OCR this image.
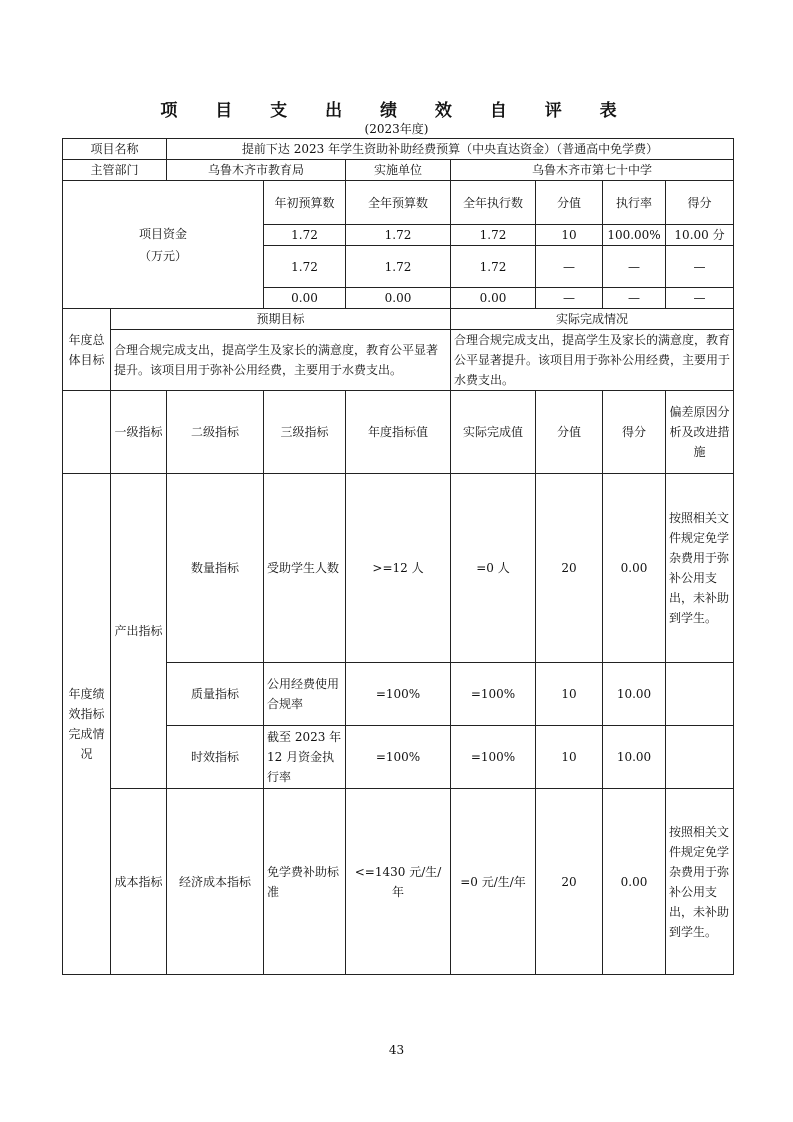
项 目 支 出 绩 效 自 评 表
(2023年度)
项目名称		提前下达 2023 年学生资助补助经费预算（中央直达资金）（普通高中免学费）						
主管部门		乌鲁木齐市教育局		实施单位	乌鲁木齐市第七十中学			
项目资金
（万元）			年初预算数	全年预算数	全年执行数	分值	执行率	得分
			1.72	1.72	1.72	10	100.00%	10.00 分
			1.72	1.72	1.72	—	—	—
			0.00	0.00	0.00	—	—	—
年度总体目标	预期目标				实际完成情况			
	合理合规完成支出，提高学生及家长的满意度，教育公平显著提升。该项目用于弥补公用经费，主要用于水费支出。				合理合规完成支出，提高学生及家长的满意度，教育公平显著提升。该项目用于弥补公用经费，主要用于水费支出。			
	一级指标	二级指标	三级指标	年度指标值	实际完成值	分值	得分	偏差原因分析及改进措施
年度绩效指标完成情况	产出指标	数量指标	受助学生人数	>=12 人	=0 人	20	0.00	按照相关文件规定免学杂费用于弥补公用支出，未补助到学生。
		质量指标	公用经费使用合规率	=100%	=100%	10	10.00	
		时效指标	截至 2023 年 12 月资金执行率	=100%	=100%	10	10.00	
	成本指标	经济成本指标	免学费补助标准	<=1430 元/生/年	=0 元/生/年	20	0.00	按照相关文件规定免学杂费用于弥补公用支出，未补助到学生。
43
